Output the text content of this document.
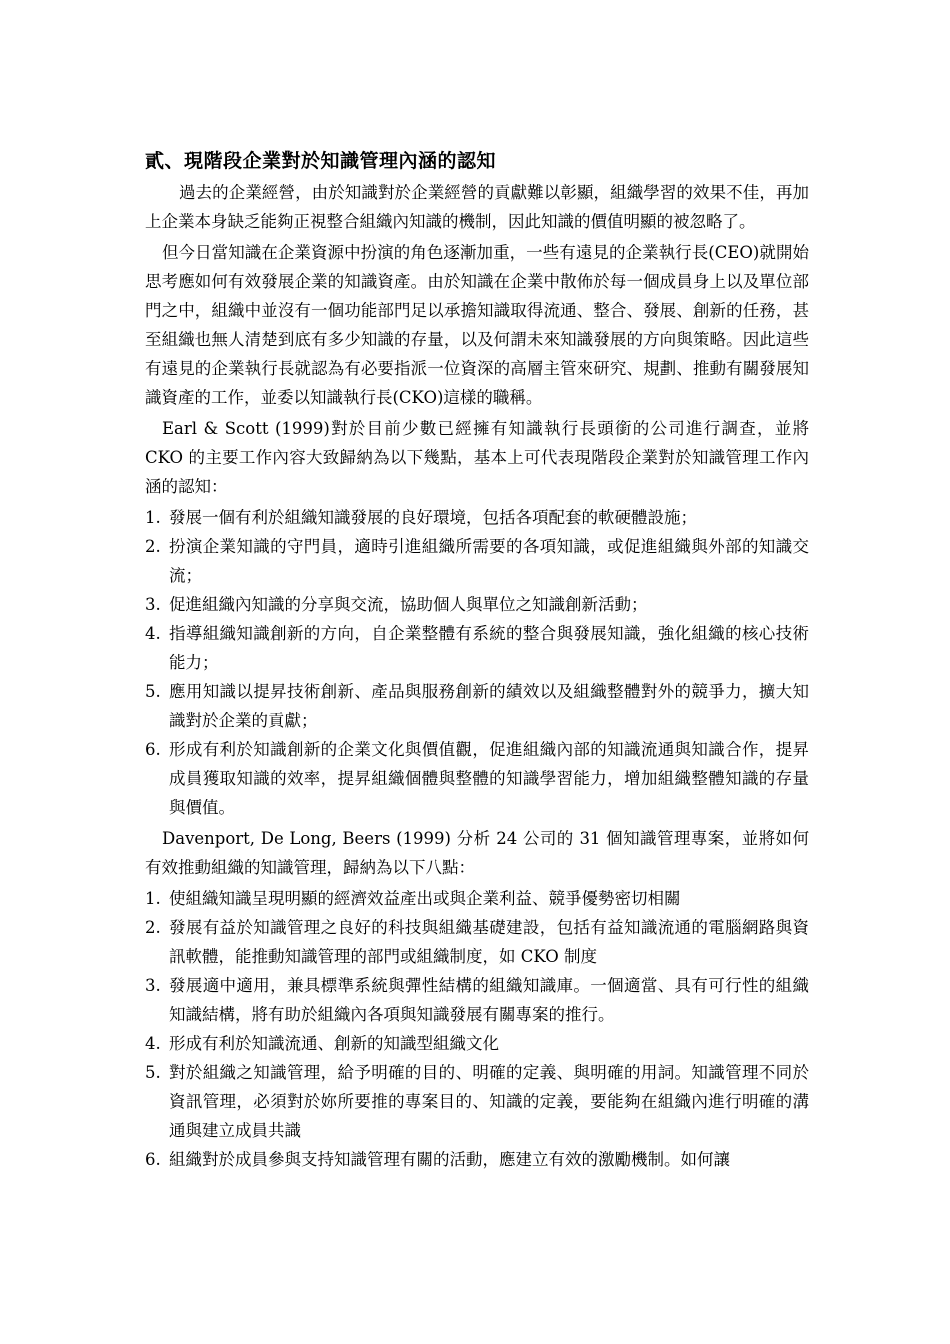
貳、現階段企業對於知識管理內涵的認知

過去的企業經營，由於知識對於企業經營的貢獻難以彰顯，組織學習的效果不佳，再加上企業本身缺乏能夠正視整合組織內知識的機制，因此知識的價值明顯的被忽略了。

但今日當知識在企業資源中扮演的角色逐漸加重，一些有遠見的企業執行長(CEO)就開始思考應如何有效發展企業的知識資產。由於知識在企業中散佈於每一個成員身上以及單位部門之中，組織中並沒有一個功能部門足以承擔知識取得流通、整合、發展、創新的任務，甚至組織也無人清楚到底有多少知識的存量，以及何謂未來知識發展的方向與策略。因此這些有遠見的企業執行長就認為有必要指派一位資深的高層主管來研究、規劃、推動有關發展知識資產的工作，並委以知識執行長(CKO)這樣的職稱。

Earl & Scott (1999)對於目前少數已經擁有知識執行長頭銜的公司進行調查，並將 CKO 的主要工作內容大致歸納為以下幾點，基本上可代表現階段企業對於知識管理工作內涵的認知：

1. 發展一個有利於組織知識發展的良好環境，包括各項配套的軟硬體設施；
2. 扮演企業知識的守門員，適時引進組織所需要的各項知識，或促進組織與外部的知識交流；
3. 促進組織內知識的分享與交流，協助個人與單位之知識創新活動；
4. 指導組織知識創新的方向，自企業整體有系統的整合與發展知識，強化組織的核心技術能力；
5. 應用知識以提昇技術創新、產品與服務創新的績效以及組織整體對外的競爭力，擴大知識對於企業的貢獻；
6. 形成有利於知識創新的企業文化與價值觀，促進組織內部的知識流通與知識合作，提昇成員獲取知識的效率，提昇組織個體與整體的知識學習能力，增加組織整體知識的存量與價值。

Davenport, De Long, Beers (1999) 分析 24 公司的 31 個知識管理專案，並將如何有效推動組織的知識管理，歸納為以下八點：

1. 使組織知識呈現明顯的經濟效益產出或與企業利益、競爭優勢密切相關
2. 發展有益於知識管理之良好的科技與組織基礎建設，包括有益知識流通的電腦網路與資訊軟體，能推動知識管理的部門或組織制度，如 CKO 制度
3. 發展適中適用，兼具標準系統與彈性結構的組織知識庫。一個適當、具有可行性的組織知識結構，將有助於組織內各項與知識發展有關專案的推行。
4. 形成有利於知識流通、創新的知識型組織文化
5. 對於組織之知識管理，給予明確的目的、明確的定義、與明確的用詞。知識管理不同於資訊管理，必須對於妳所要推的專案目的、知識的定義，要能夠在組織內進行明確的溝通與建立成員共識
6. 組織對於成員參與支持知識管理有關的活動，應建立有效的激勵機制。如何讓
